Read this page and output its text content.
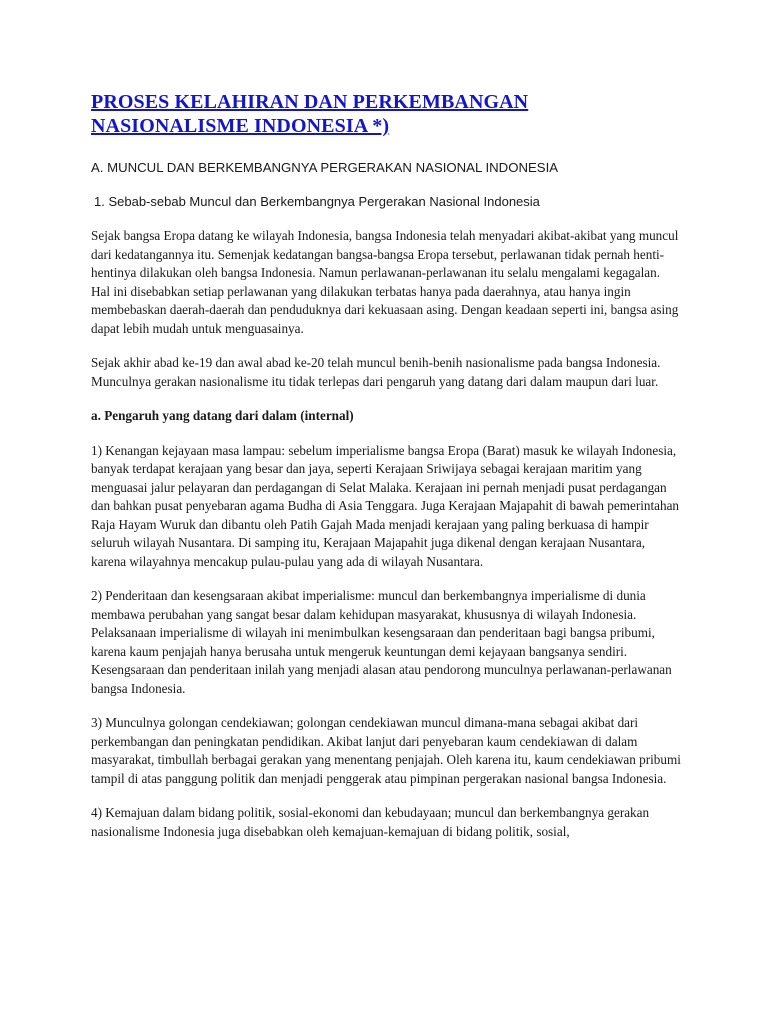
PROSES KELAHIRAN DAN PERKEMBANGAN NASIONALISME INDONESIA *)
A. MUNCUL DAN BERKEMBANGNYA PERGERAKAN NASIONAL INDONESIA
1. Sebab-sebab Muncul dan Berkembangnya Pergerakan Nasional Indonesia

Sejak bangsa Eropa datang ke wilayah Indonesia, bangsa Indonesia telah menyadari akibat-akibat yang muncul dari kedatangannya itu. Semenjak kedatangan bangsa-bangsa Eropa tersebut, perlawanan tidak pernah henti-hentinya dilakukan oleh bangsa Indonesia. Namun perlawanan-perlawanan itu selalu mengalami kegagalan. Hal ini disebabkan setiap perlawanan yang dilakukan terbatas hanya pada daerahnya, atau hanya ingin membebaskan daerah-daerah dan penduduknya dari kekuasaan asing. Dengan keadaan seperti ini, bangsa asing dapat lebih mudah untuk menguasainya.

Sejak akhir abad ke-19 dan awal abad ke-20 telah muncul benih-benih nasionalisme pada bangsa Indonesia. Munculnya gerakan nasionalisme itu tidak terlepas dari pengaruh yang datang dari dalam maupun dari luar.

a. Pengaruh yang datang dari dalam (internal)

1) Kenangan kejayaan masa lampau: sebelum imperialisme bangsa Eropa (Barat) masuk ke wilayah Indonesia, banyak terdapat kerajaan yang besar dan jaya, seperti Kerajaan Sriwijaya sebagai kerajaan maritim yang menguasai jalur pelayaran dan perdagangan di Selat Malaka. Kerajaan ini pernah menjadi pusat perdagangan dan bahkan pusat penyebaran agama Budha di Asia Tenggara. Juga Kerajaan Majapahit di bawah pemerintahan Raja Hayam Wuruk dan dibantu oleh Patih Gajah Mada menjadi kerajaan yang paling berkuasa di hampir seluruh wilayah Nusantara. Di samping itu, Kerajaan Majapahit juga dikenal dengan kerajaan Nusantara, karena wilayahnya mencakup pulau-pulau yang ada di wilayah Nusantara.

2) Penderitaan dan kesengsaraan akibat imperialisme: muncul dan berkembangnya imperialisme di dunia membawa perubahan yang sangat besar dalam kehidupan masyarakat, khususnya di wilayah Indonesia. Pelaksanaan imperialisme di wilayah ini menimbulkan kesengsaraan dan penderitaan bagi bangsa pribumi, karena kaum penjajah hanya berusaha untuk mengeruk keuntungan demi kejayaan bangsanya sendiri. Kesengsaraan dan penderitaan inilah yang menjadi alasan atau pendorong munculnya perlawanan-perlawanan bangsa Indonesia.

3) Munculnya golongan cendekiawan; golongan cendekiawan muncul dimana-mana sebagai akibat dari perkembangan dan peningkatan pendidikan. Akibat lanjut dari penyebaran kaum cendekiawan di dalam masyarakat, timbullah berbagai gerakan yang menentang penjajah. Oleh karena itu, kaum cendekiawan pribumi tampil di atas panggung politik dan menjadi penggerak atau pimpinan pergerakan nasional bangsa Indonesia.

4) Kemajuan dalam bidang politik, sosial-ekonomi dan kebudayaan; muncul dan berkembangnya gerakan nasionalisme Indonesia juga disebabkan oleh kemajuan-kemajuan di bidang politik, sosial,
